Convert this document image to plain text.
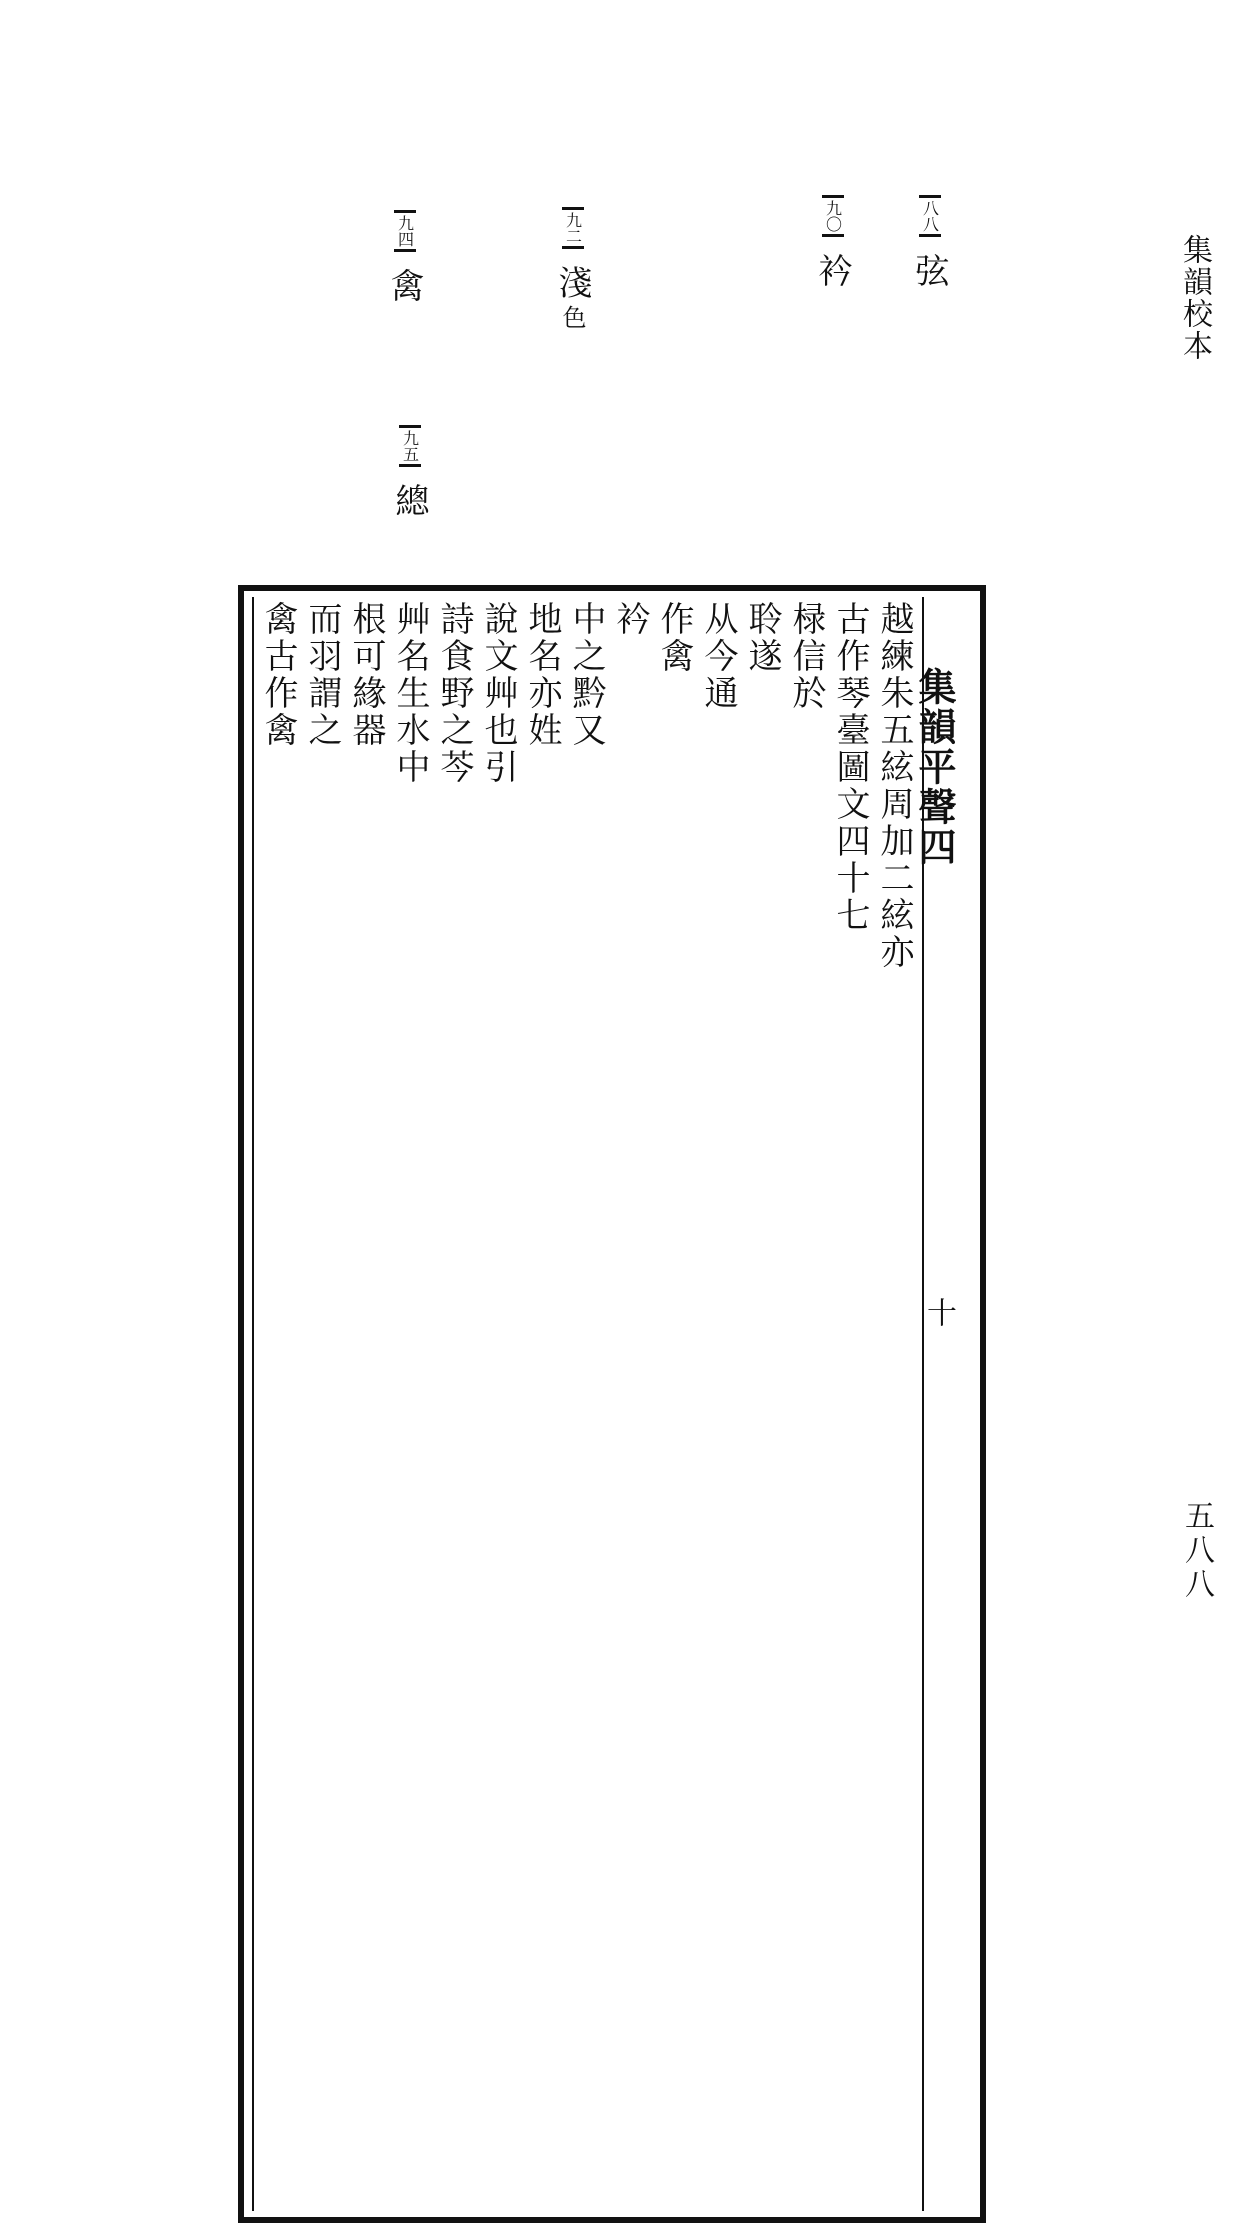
集韻校本
五八八
八八
弦
九〇
衿
九二
淺
色
九四
禽
九五
總
集韻平聲四
十
越練朱五絃周加二絃亦
古作琴臺圖文四十七
椂信於
聆遂
从今通
作禽
衿
中之黔又
地名亦姓
說文艸也引
詩食野之芩
艸名生水中
根可緣器
而羽謂之
禽古作禽
